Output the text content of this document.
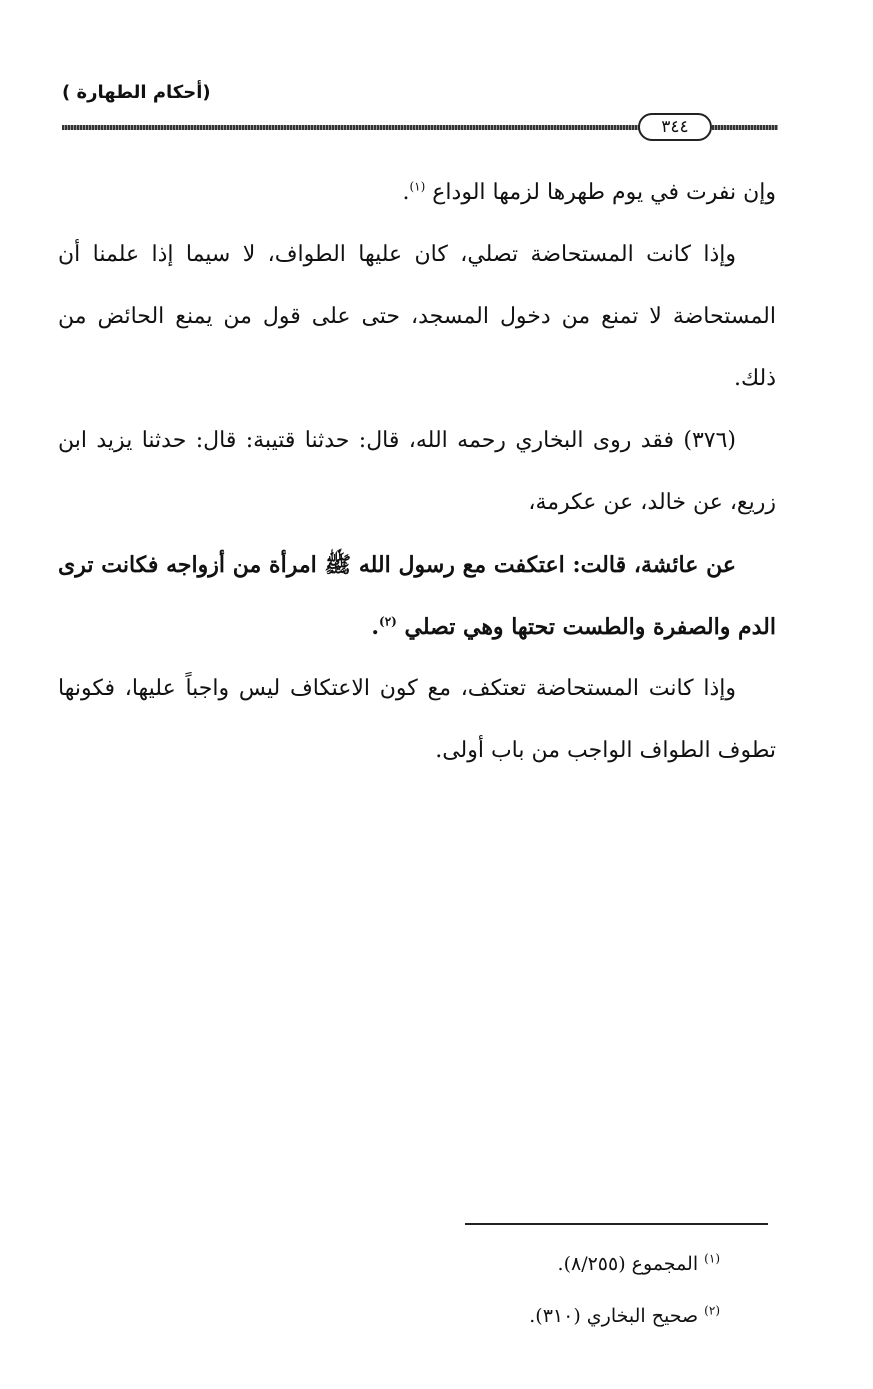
(أحكام الطهارة )
٣٤٤

وإن نفرت في يوم طهرها لزمها الوداع $^{(١)}$.

وإذا كانت المستحاضة تصلي، كان عليها الطواف، لا سيما إذا علمنا أن المستحاضة لا تمنع من دخول المسجد، حتى على قول من يمنع الحائض من ذلك.

(٣٧٦) فقد روى البخاري رحمه الله، قال: حدثنا قتيبة: قال: حدثنا يزيد ابن زريع، عن خالد، عن عكرمة،

عن عائشة، قالت: اعتكفت مع رسول الله ﷺ امرأة من أزواجه فكانت ترى الدم والصفرة والطست تحتها وهي تصلي $^{(٢)}$.

وإذا كانت المستحاضة تعتكف، مع كون الاعتكاف ليس واجباً عليها، فكونها تطوف الطواف الواجب من باب أولى.

$^{(١)}$ المجموع (٨/٢٥٥).

$^{(٢)}$ صحيح البخاري (٣١٠).
